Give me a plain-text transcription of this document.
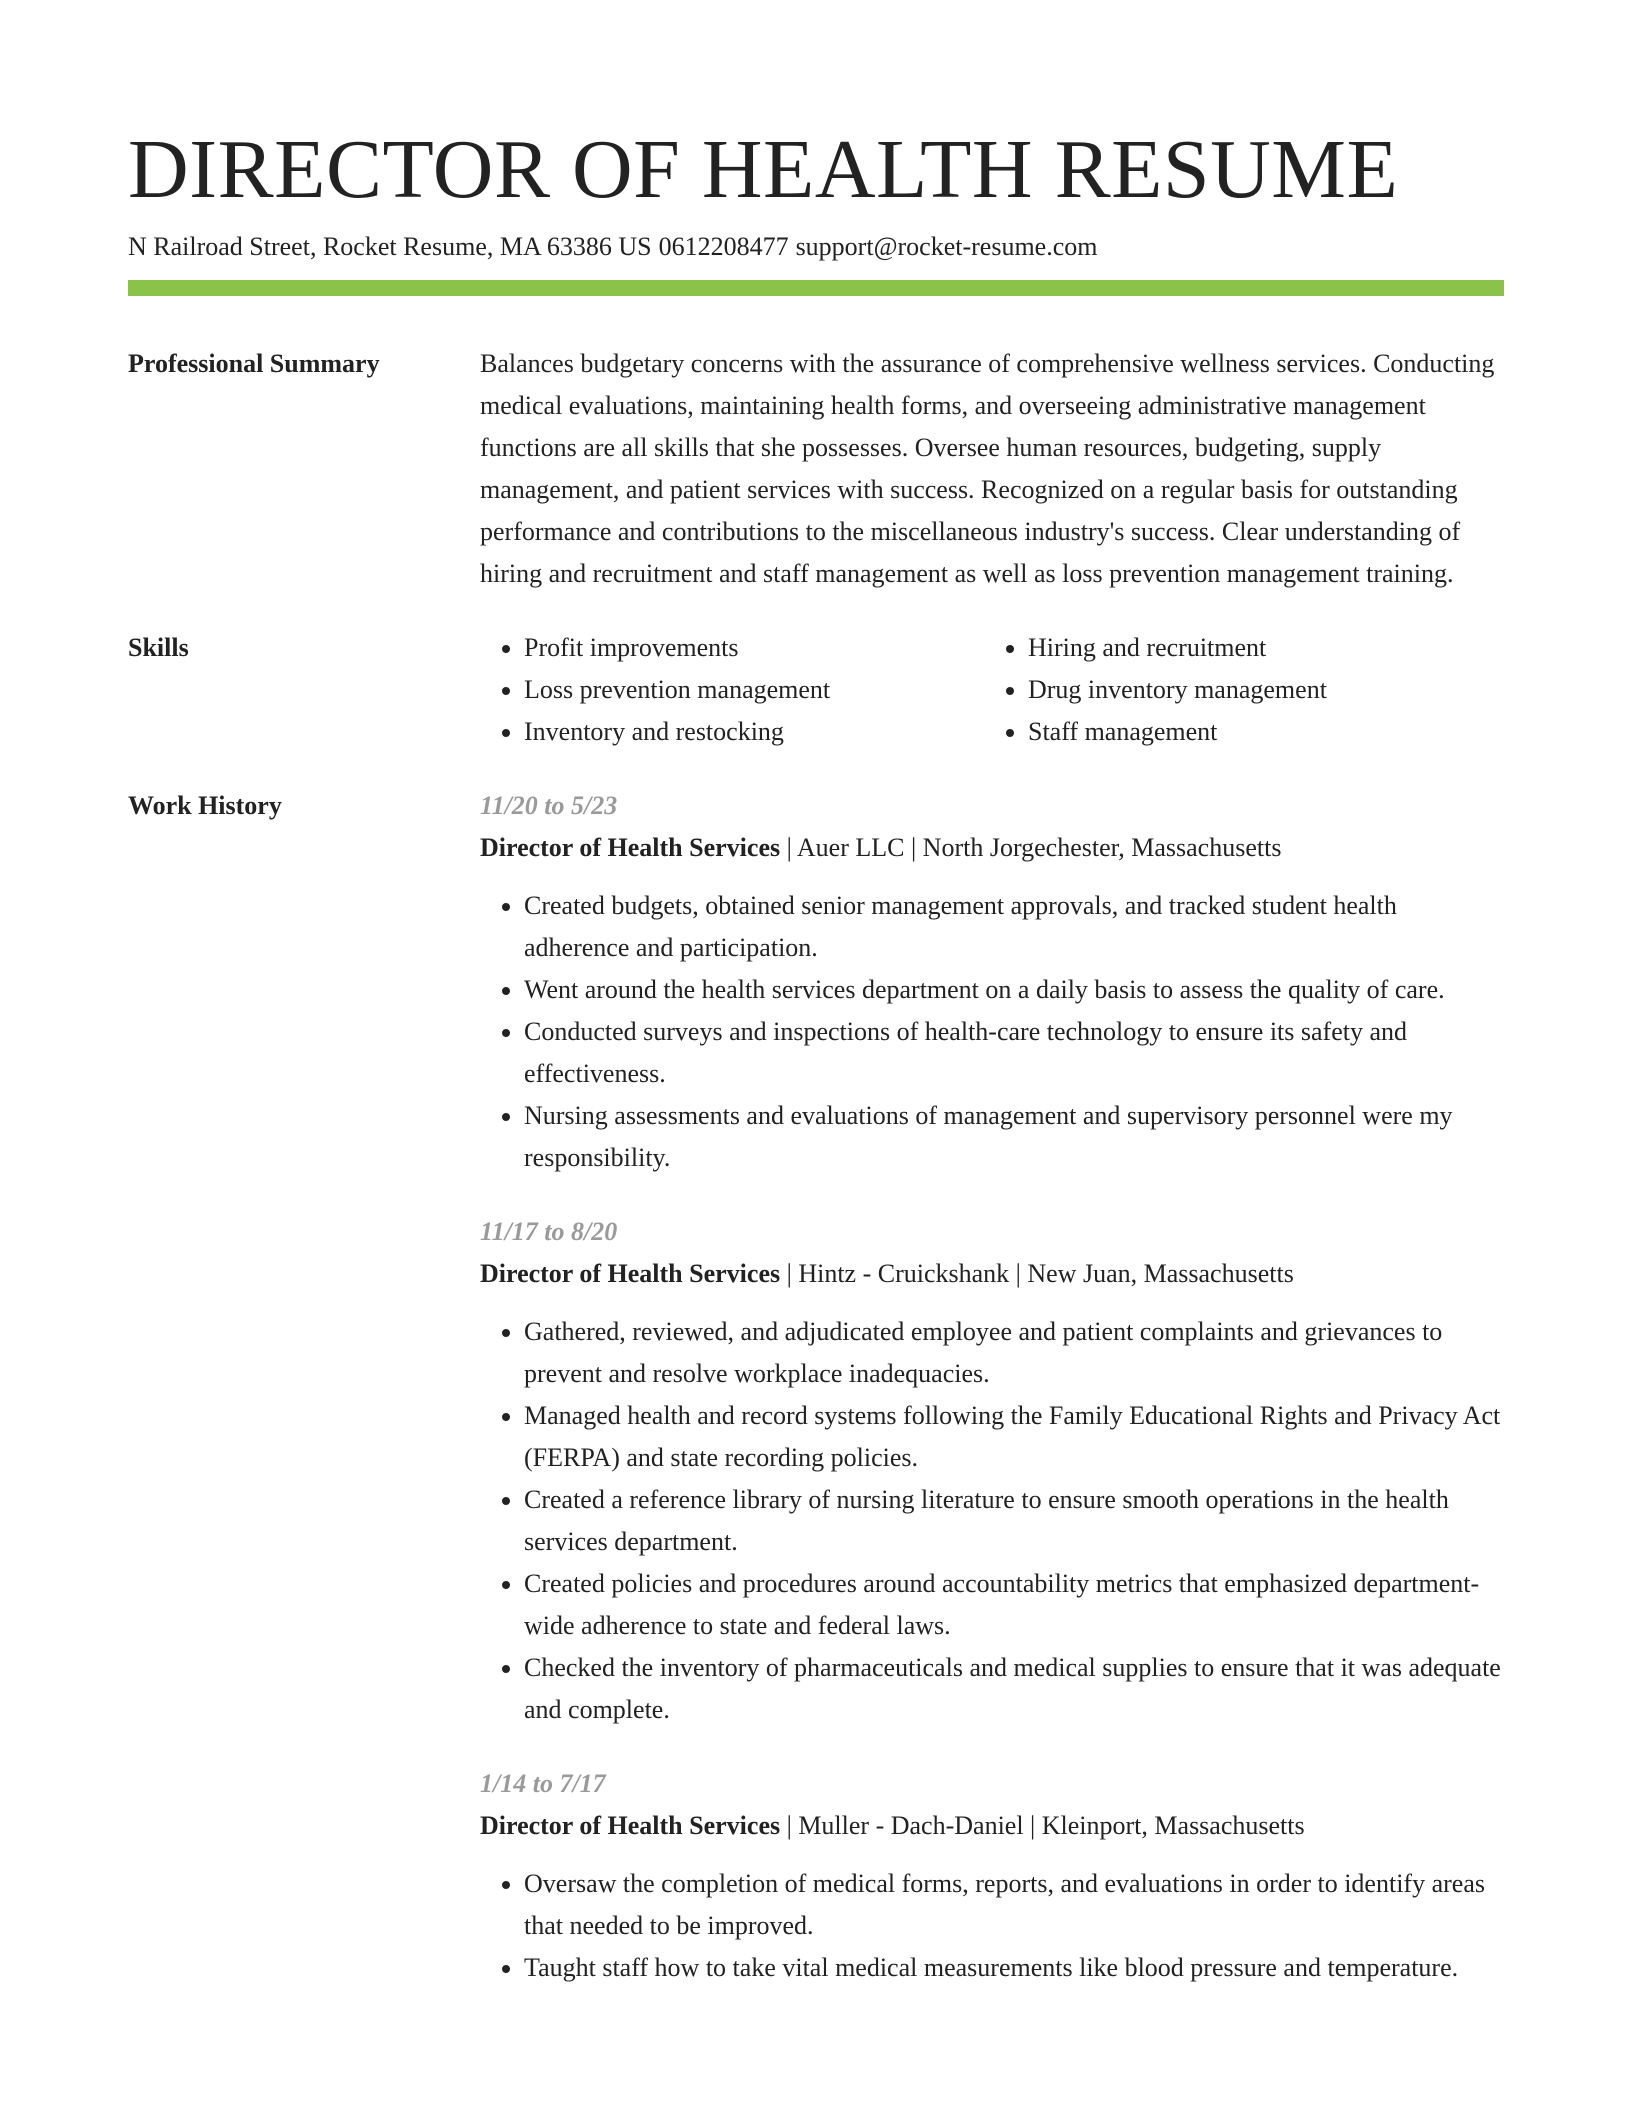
DIRECTOR OF HEALTH RESUME
N Railroad Street, Rocket Resume, MA 63386 US 0612208477 support@rocket-resume.com
Professional Summary	Balances budgetary concerns with the assurance of comprehensive wellness services. Conducting medical evaluations, maintaining health forms, and overseeing administrative management functions are all skills that she possesses. Oversee human resources, budgeting, supply management, and patient services with success. Recognized on a regular basis for outstanding performance and contributions to the miscellaneous industry's success. Clear understanding of hiring and recruitment and staff management as well as loss prevention management training.

Skills
•	Profit improvements
• Loss prevention management
• Inventory and restocking
• Hiring and recruitment
• Drug inventory management
• Staff management
Work History	11/20 to 5/23
Director of Health Services | Auer LLC | North Jorgechester, Massachusetts
• Created budgets, obtained senior management approvals, and tracked student health adherence and participation.
• Went around the health services department on a daily basis to assess the quality of care.
• Conducted surveys and inspections of health-care technology to ensure its safety and effectiveness.
• Nursing assessments and evaluations of management and supervisory personnel were my responsibility.
11/17 to 8/20
Director of Health Services | Hintz - Cruickshank | New Juan, Massachusetts
• Gathered, reviewed, and adjudicated employee and patient complaints and grievances to prevent and resolve workplace inadequacies.
• Managed health and record systems following the Family Educational Rights and Privacy Act (FERPA) and state recording policies.
• Created a reference library of nursing literature to ensure smooth operations in the health services department.
• Created policies and procedures around accountability metrics that emphasized department-wide adherence to state and federal laws.
• Checked the inventory of pharmaceuticals and medical supplies to ensure that it was adequate and complete.
1/14 to 7/17
Director of Health Services | Muller - Dach-Daniel | Kleinport, Massachusetts
• Oversaw the completion of medical forms, reports, and evaluations in order to identify areas that needed to be improved.
• Taught staff how to take vital medical measurements like blood pressure and temperature.
